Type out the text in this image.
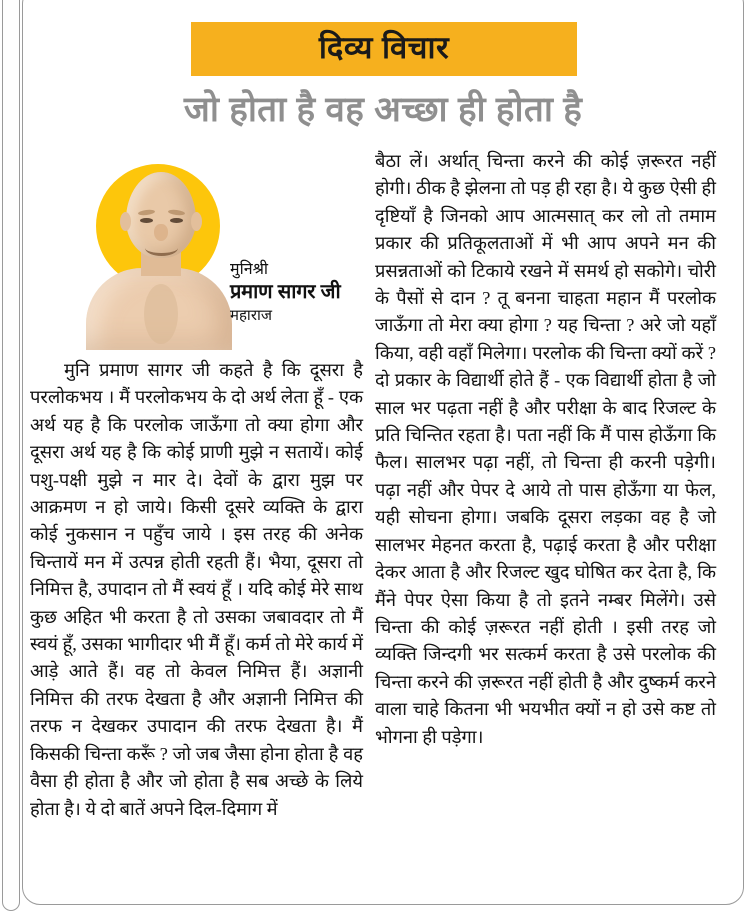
दिव्य विचार
जो होता है वह अच्छा ही होता है
मुनिश्री
प्रमाण सागर जी
महाराज

मुनि प्रमाण सागर जी कहते है कि दूसरा है परलोकभय । मैं परलोकभय के दो अर्थ लेता हूँ - एक अर्थ यह है कि परलोक जाऊँगा तो क्या होगा और दूसरा अर्थ यह है कि कोई प्राणी मुझे न सतायें। कोई पशु-पक्षी मुझे न मार दे। देवों के द्वारा मुझ पर आक्रमण न हो जाये। किसी दूसरे व्यक्ति के द्वारा कोई नुकसान न पहुँच जाये । इस तरह की अनेक चिन्तायें मन में उत्पन्न होती रहती हैं। भैया, दूसरा तो निमित्त है, उपादान तो मैं स्वयं हूँ । यदि कोई मेरे साथ कुछ अहित भी करता है तो उसका जबावदार तो मैं स्वयं हूँ, उसका भागीदार भी मैं हूँ। कर्म तो मेरे कार्य में आड़े आते हैं। वह तो केवल निमित्त हैं। अज्ञानी निमित्त की तरफ देखता है और अज्ञानी निमित्त की तरफ न देखकर उपादान की तरफ देखता है। मैं किसकी चिन्ता करूँ ? जो जब जैसा होना होता है वह वैसा ही होता है और जो होता है सब अच्छे के लिये होता है। ये दो बातें अपने दिल-दिमाग में

बैठा लें। अर्थात् चिन्ता करने की कोई ज़रूरत नहीं होगी। ठीक है झेलना तो पड़ ही रहा है। ये कुछ ऐसी ही दृष्टियाँ है जिनको आप आत्मसात् कर लो तो तमाम प्रकार की प्रतिकूलताओं में भी आप अपने मन की प्रसन्नताओं को टिकाये रखने में समर्थ हो सकोगे। चोरी के पैसों से दान ? तू बनना चाहता महान मैं परलोक जाऊँगा तो मेरा क्या होगा ? यह चिन्ता ? अरे जो यहाँ किया, वही वहाँ मिलेगा। परलोक की चिन्ता क्यों करें ? दो प्रकार के विद्यार्थी होते हैं - एक विद्यार्थी होता है जो साल भर पढ़ता नहीं है और परीक्षा के बाद रिजल्ट के प्रति चिन्तित रहता है। पता नहीं कि मैं पास होऊँगा कि फैल। सालभर पढ़ा नहीं, तो चिन्ता ही करनी पड़ेगी। पढ़ा नहीं और पेपर दे आये तो पास होऊँगा या फेल, यही सोचना होगा। जबकि दूसरा लड़का वह है जो सालभर मेहनत करता है, पढ़ाई करता है और परीक्षा देकर आता है और रिजल्ट खुद घोषित कर देता है, कि मैंने पेपर ऐसा किया है तो इतने नम्बर मिलेंगे। उसे चिन्ता की कोई ज़रूरत नहीं होती । इसी तरह जो व्यक्ति जिन्दगी भर सत्कर्म करता है उसे परलोक की चिन्ता करने की ज़रूरत नहीं होती है और दुष्कर्म करने वाला चाहे कितना भी भयभीत क्यों न हो उसे कष्ट तो भोगना ही पड़ेगा।
